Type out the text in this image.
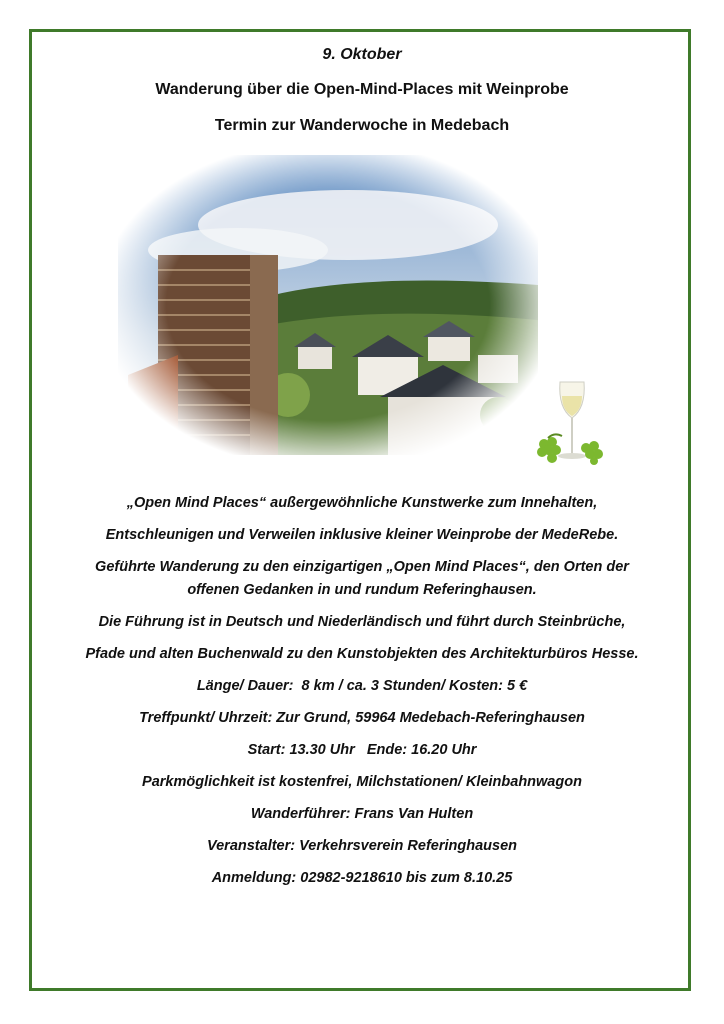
9. Oktober
Wanderung über die Open-Mind-Places mit Weinprobe
Termin zur Wanderwoche in Medebach
„Open Mind Places“ außergewöhnliche Kunstwerke zum Innehalten,
Entschleunigen und Verweilen inklusive kleiner Weinprobe der MedeRebe.
Geführte Wanderung zu den einzigartigen „Open Mind Places“, den Orten der
offenen Gedanken in und rundum Referinghausen.
Die Führung ist in Deutsch und Niederländisch und führt durch Steinbrüche,
Pfade und alten Buchenwald zu den Kunstobjekten des Architekturbüros Hesse.
Länge/ Dauer:  8 km / ca. 3 Stunden/ Kosten: 5 €
Treffpunkt/ Uhrzeit: Zur Grund, 59964 Medebach-Referinghausen
Start: 13.30 Uhr   Ende: 16.20 Uhr
Parkmöglichkeit ist kostenfrei, Milchstationen/ Kleinbahnwagon
Wanderführer: Frans Van Hulten
Veranstalter: Verkehrsverein Referinghausen
Anmeldung: 02982-9218610 bis zum 8.10.25
